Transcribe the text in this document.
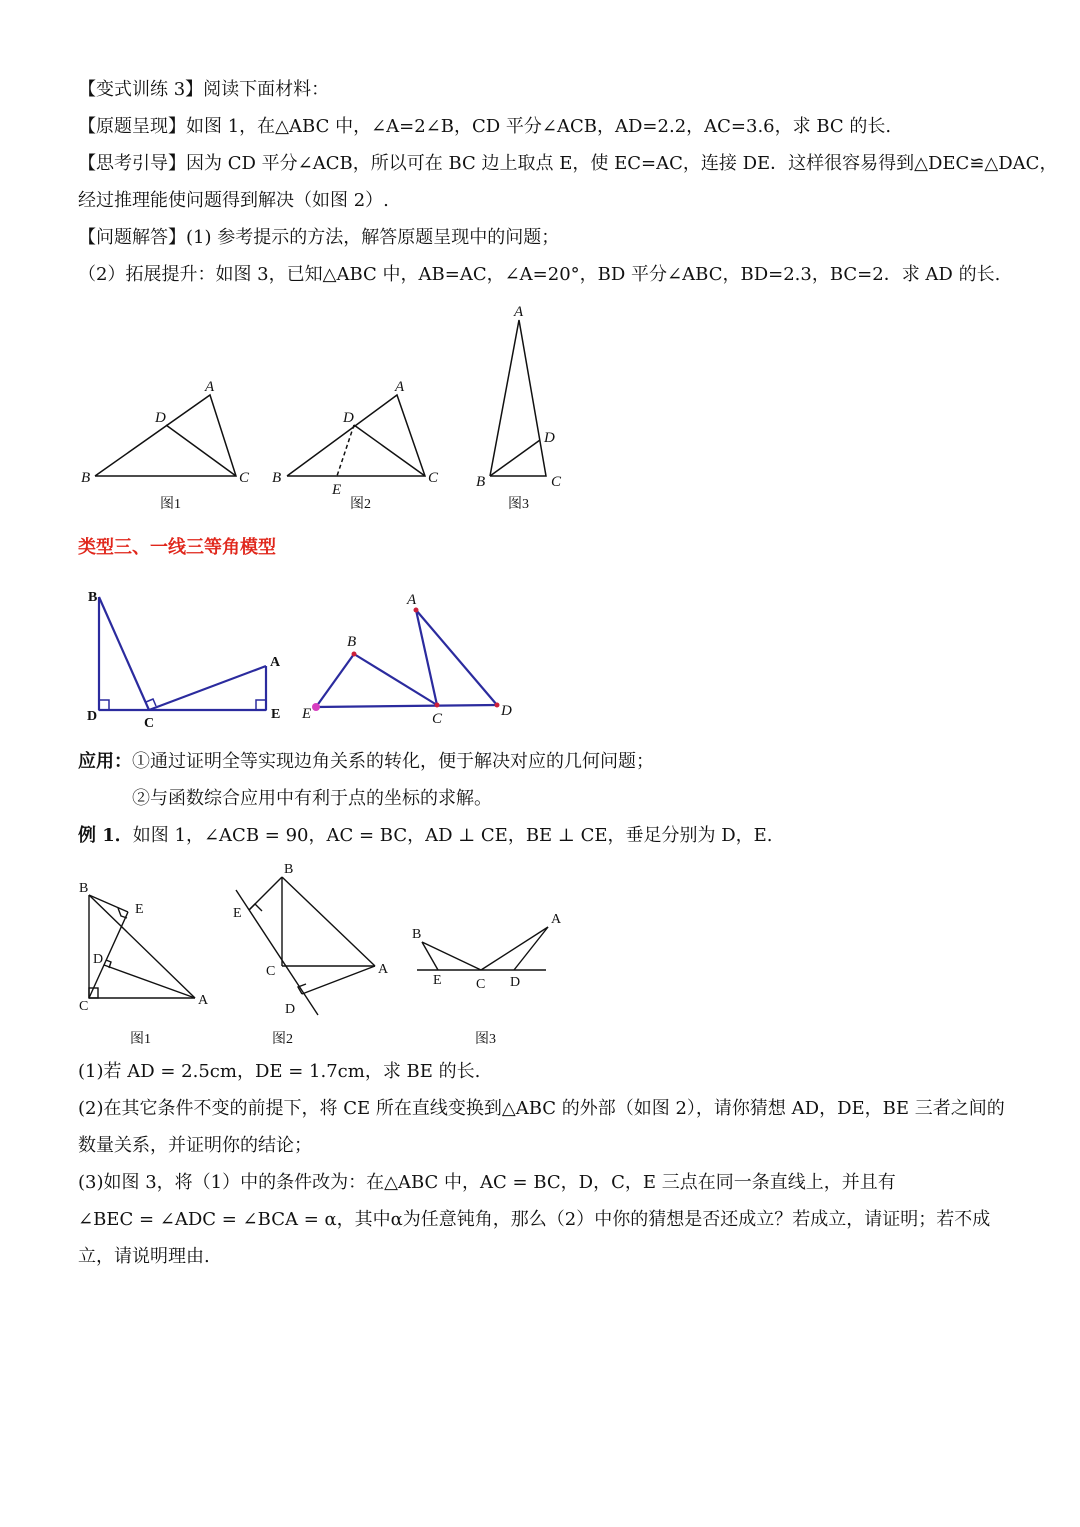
【变式训练 3】阅读下面材料：
【原题呈现】如图 1，在△ABC 中，∠A=2∠B，CD 平分∠ACB，AD=2.2，AC=3.6，求 BC 的长.
【思考引导】因为 CD 平分∠ACB，所以可在 BC 边上取点 E，使 EC=AC，连接 DE．这样很容易得到△DEC≌△DAC，
经过推理能使问题得到解决（如图 2）.
【问题解答】(1) 参考提示的方法，解答原题呈现中的问题；
（2）拓展提升：如图 3，已知△ABC 中，AB=AC，∠A=20°，BD 平分∠ABC，BD=2.3，BC=2．求 AD 的长.
A
B	C
D
图1
A
B	C
D
E
图2
A
B	C
D
图3
类型三、一线三等角模型
B
A
D	C
E
A
B
E	C	D
应用：①通过证明全等实现边角关系的转化，便于解决对应的几何问题；
②与函数综合应用中有利于点的坐标的求解。
例 1．如图 1，∠ACB = 90，AC = BC，AD ⊥ CE，BE ⊥ CE，垂足分别为 D，E.
B
E
D
C	A
图1
B
E
C	A
D
图2
B
A
E C D
图3
(1)若 AD = 2.5cm，DE = 1.7cm，求 BE 的长.
(2)在其它条件不变的前提下，将 CE 所在直线变换到△ABC 的外部（如图 2），请你猜想 AD，DE，BE 三者之间的
数量关系，并证明你的结论；
(3)如图 3，将（1）中的条件改为：在△ABC 中，AC = BC，D，C，E 三点在同一条直线上，并且有
∠BEC = ∠ADC = ∠BCA = α，其中α为任意钝角，那么（2）中你的猜想是否还成立？若成立，请证明；若不成
立，请说明理由.
